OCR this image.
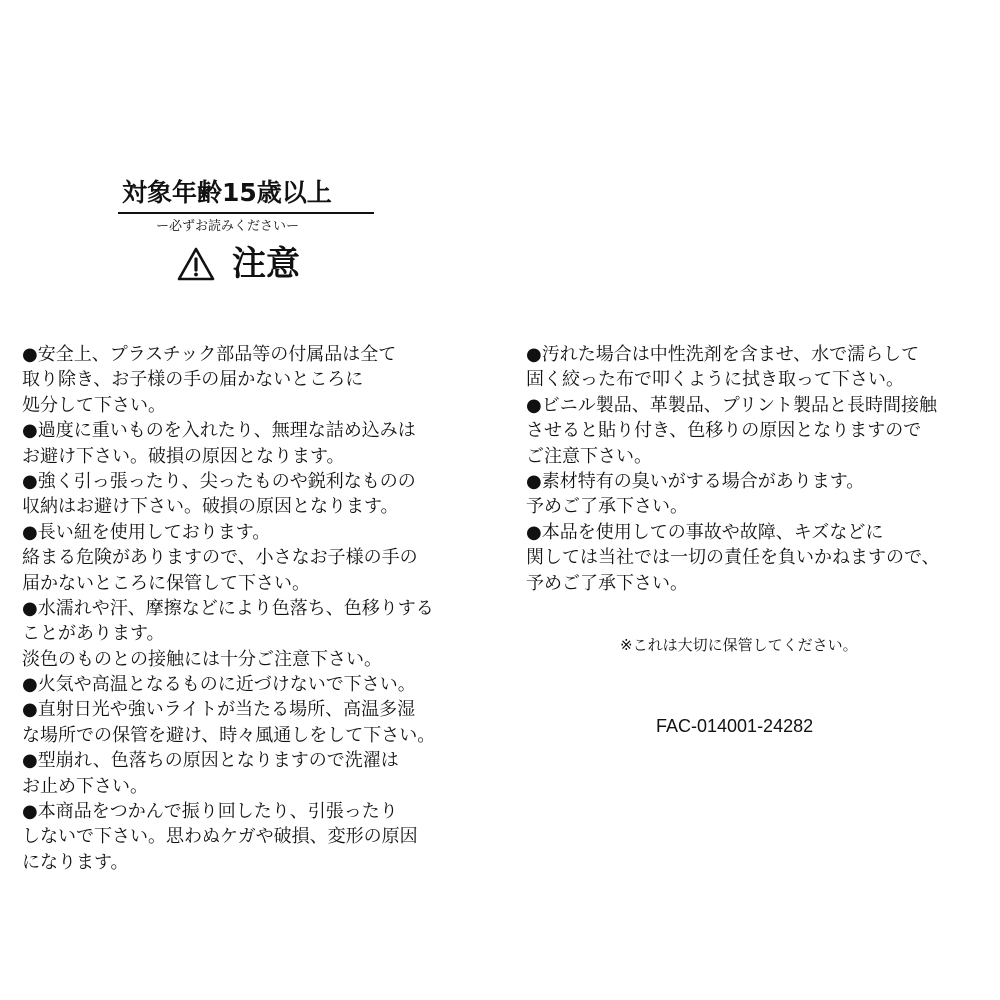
対象年齢15歳以上
ー必ずお読みくださいー
注意
●安全上、プラスチック部品等の付属品は全て
取り除き、お子様の手の届かないところに
処分して下さい。
●過度に重いものを入れたり、無理な詰め込みは
お避け下さい。破損の原因となります。
●強く引っ張ったり、尖ったものや鋭利なものの
収納はお避け下さい。破損の原因となります。
●長い紐を使用しております。
絡まる危険がありますので、小さなお子様の手の
届かないところに保管して下さい。
●水濡れや汗、摩擦などにより色落ち、色移りする
ことがあります。
淡色のものとの接触には十分ご注意下さい。
●火気や高温となるものに近づけないで下さい。
●直射日光や強いライトが当たる場所、高温多湿
な場所での保管を避け、時々風通しをして下さい。
●型崩れ、色落ちの原因となりますので洗濯は
お止め下さい。
●本商品をつかんで振り回したり、引張ったり
しないで下さい。思わぬケガや破損、変形の原因
になります。
●汚れた場合は中性洗剤を含ませ、水で濡らして
固く絞った布で叩くように拭き取って下さい。
●ビニル製品、革製品、プリント製品と長時間接触
させると貼り付き、色移りの原因となりますので
ご注意下さい。
●素材特有の臭いがする場合があります。
予めご了承下さい。
●本品を使用しての事故や故障、キズなどに
関しては当社では一切の責任を負いかねますので、
予めご了承下さい。
※これは大切に保管してください。
FAC-014001-24282
